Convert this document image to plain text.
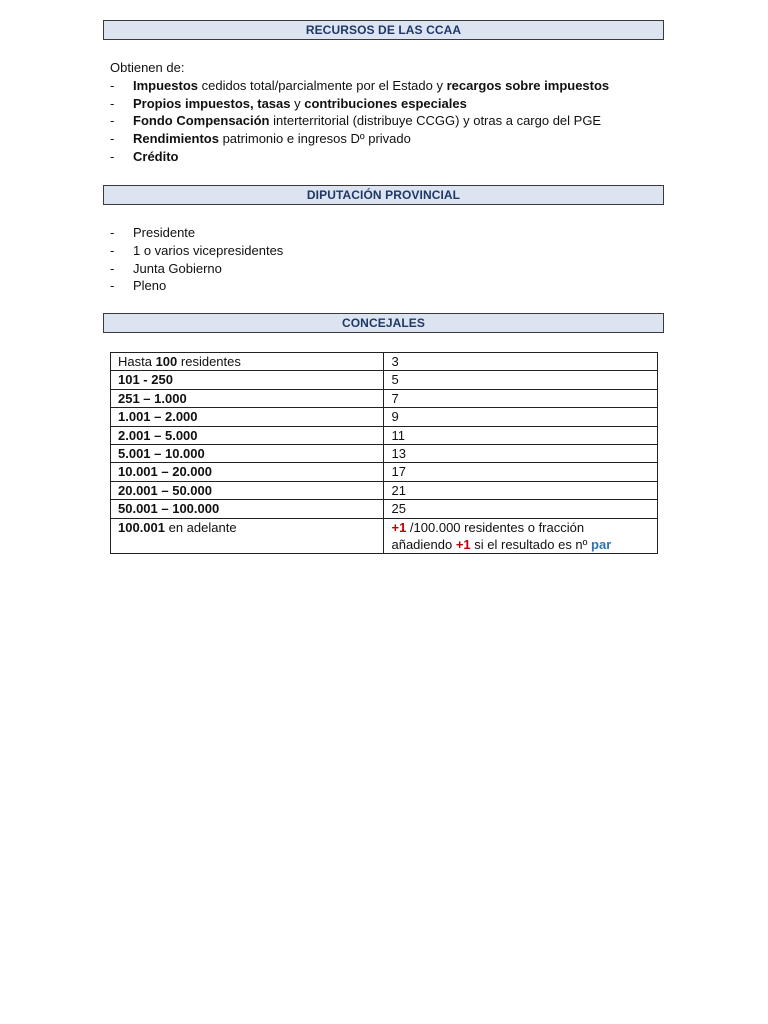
RECURSOS DE LAS CCAA
Obtienen de:
- Impuestos cedidos total/parcialmente por el Estado y recargos sobre impuestos
- Propios impuestos, tasas y contribuciones especiales
- Fondo Compensación interterritorial (distribuye CCGG) y otras a cargo del PGE
- Rendimientos patrimonio e ingresos Dº privado
- Crédito
DIPUTACIÓN PROVINCIAL
- Presidente
- 1 o varios vicepresidentes
- Junta Gobierno
- Pleno
CONCEJALES
Hasta 100 residentes	3
101 - 250	5
251 – 1.000	7
1.001 – 2.000	9
2.001 – 5.000	11
5.001 – 10.000	13
10.001 – 20.000	17
20.001 – 50.000	21
50.001 – 100.000	25
100.001 en adelante	+1 /100.000 residentes o fracción
añadiendo +1 si el resultado es nº par
